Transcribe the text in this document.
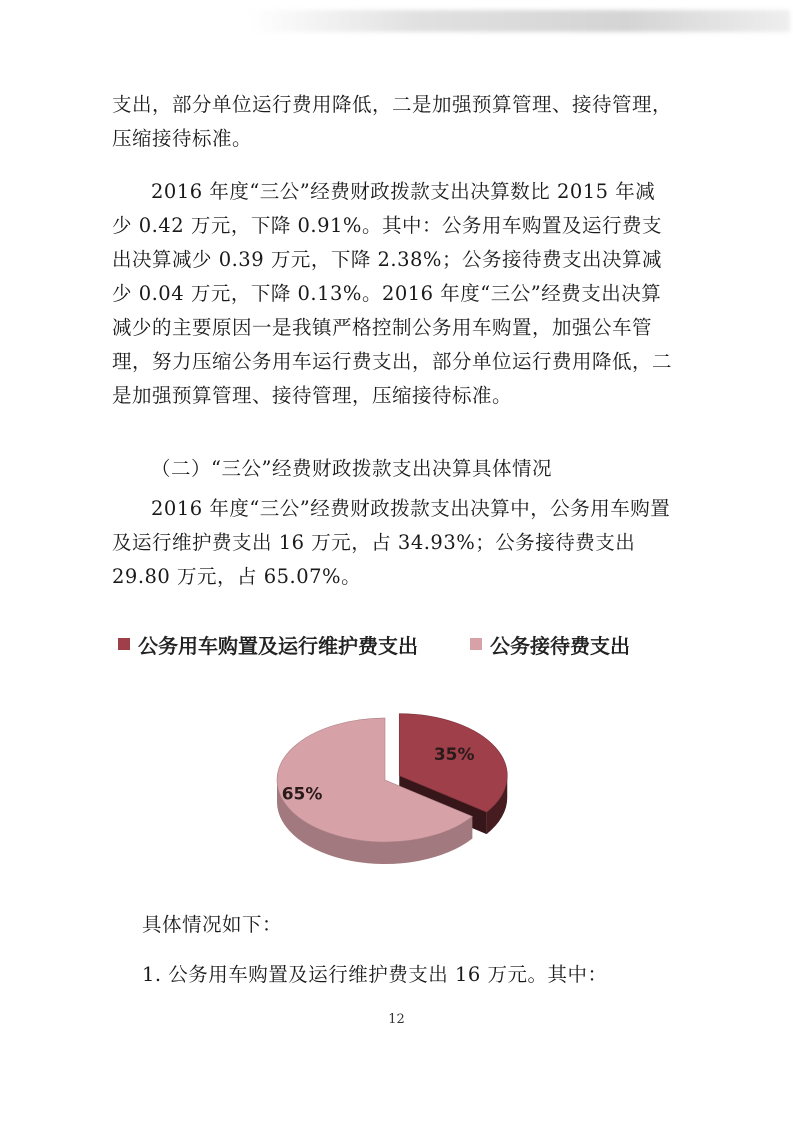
支出，部分单位运行费用降低，二是加强预算管理、接待管理，压缩接待标准。

2016 年度“三公”经费财政拨款支出决算数比 2015 年减少 0.42 万元，下降 0.91%。其中：公务用车购置及运行费支出决算减少 0.39 万元，下降 2.38%；公务接待费支出决算减少 0.04 万元，下降 0.13%。2016 年度“三公”经费支出决算减少的主要原因一是我镇严格控制公务用车购置，加强公车管理，努力压缩公务用车运行费支出，部分单位运行费用降低，二是加强预算管理、接待管理，压缩接待标准。

（二）“三公”经费财政拨款支出决算具体情况

2016 年度“三公”经费财政拨款支出决算中，公务用车购置及运行维护费支出 16 万元，占 34.93%；公务接待费支出 29.80 万元，占 65.07%。

公务用车购置及运行维护费支出	公务接待费支出
35%
65%

具体情况如下：

1. 公务用车购置及运行维护费支出 16 万元。其中：

12
